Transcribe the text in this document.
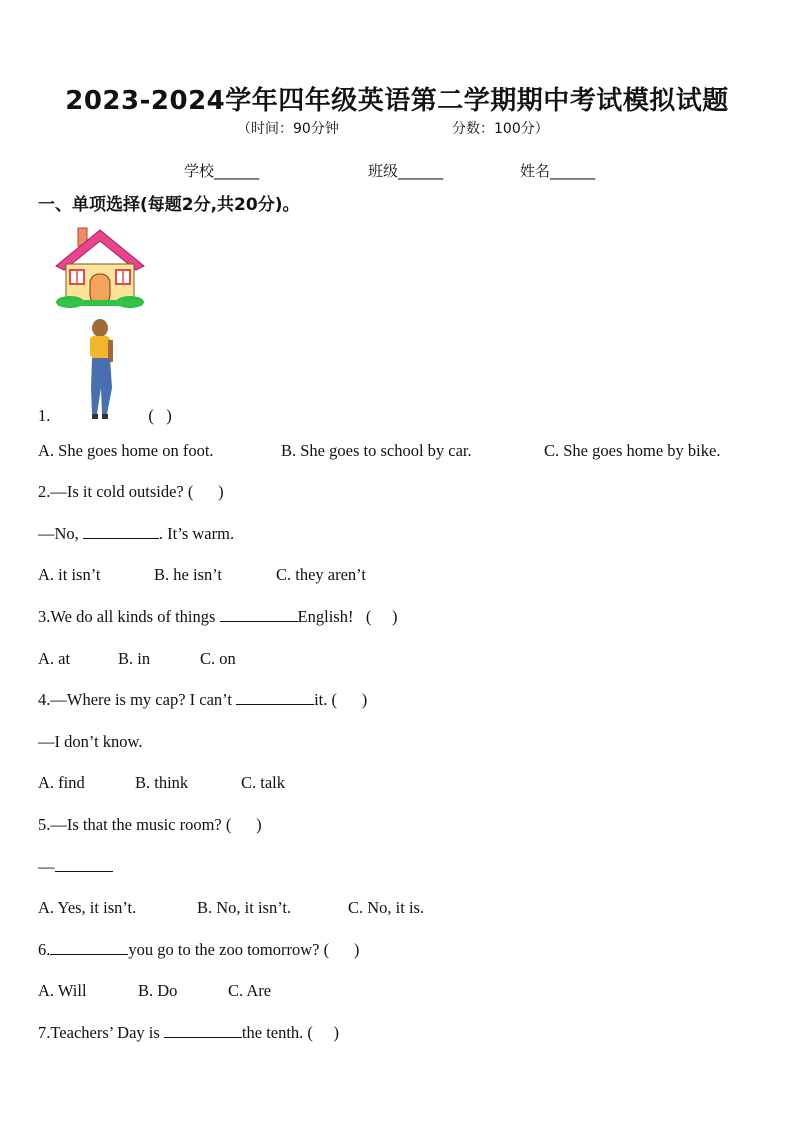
2023-2024学年四年级英语第二学期期中考试模拟试题
（时间：90分钟	分数：100分）
学校______	班级______	姓名______
一、单项选择(每题2分,共20分)。
1.	(   )
A. She goes home on foot.	B. She goes to school by car.	C. She goes home by bike.
2.—Is it cold outside? (      )
—No,	. It’s warm.
A. it isn’t	B. he isn’t	C. they aren’t
3.We do all kinds of things	English!   (     )
A. at	B. in	C. on
4.—Where is my cap? I can’t	it. (      )
—I don’t know.
A. find	B. think	C. talk
5.—Is that the music room? (      )
—
A. Yes, it isn’t.	B. No, it isn’t.	C. No, it is.
6.	you go to the zoo tomorrow? (      )
A. Will	B. Do	C. Are
7.Teachers’ Day is	the tenth. (     )
